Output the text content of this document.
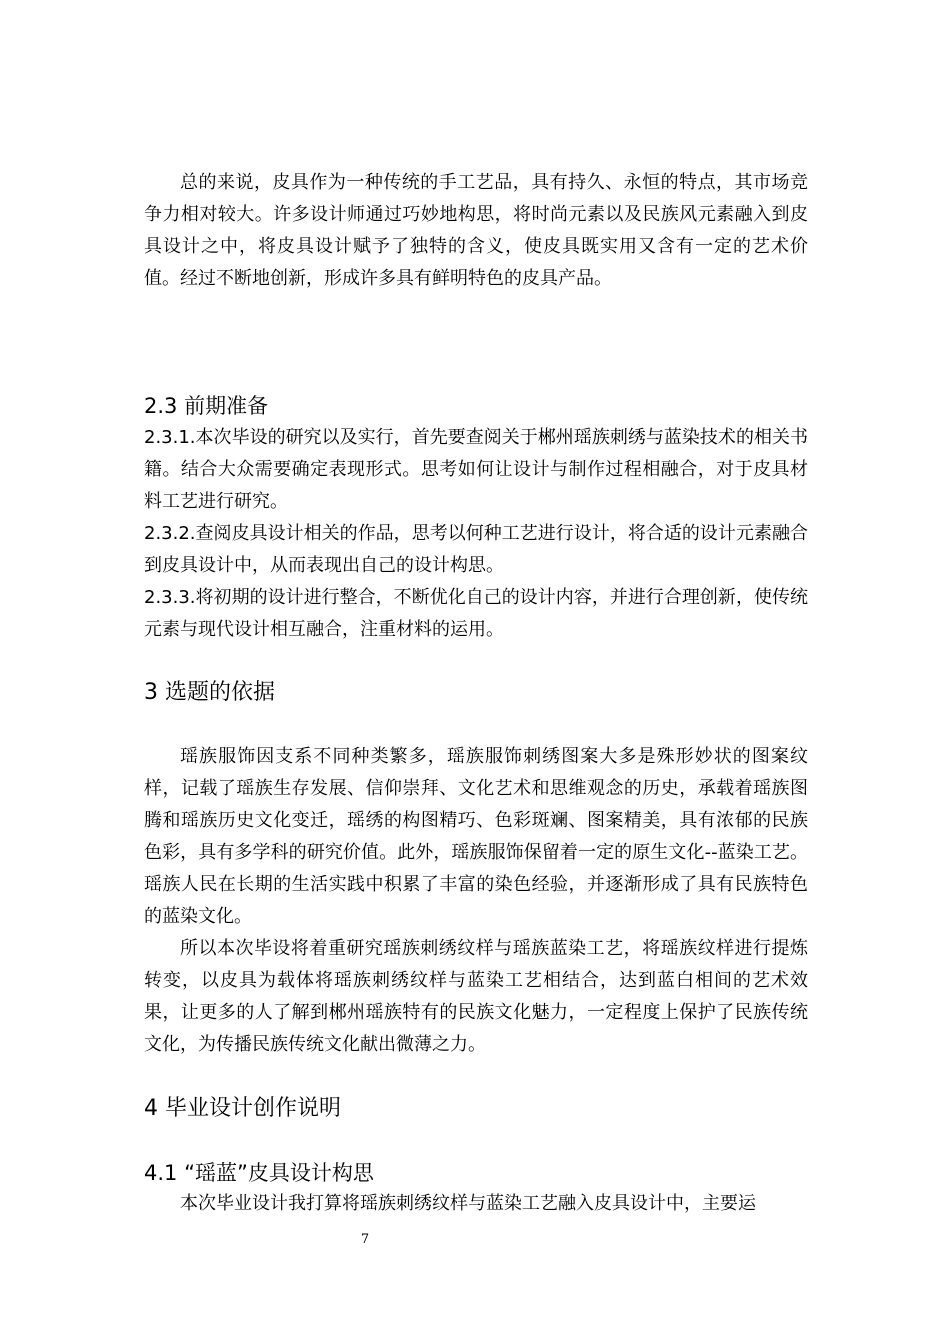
总的来说，皮具作为一种传统的手工艺品，具有持久、永恒的特点，其市场竞争力相对较大。许多设计师通过巧妙地构思，将时尚元素以及民族风元素融入到皮具设计之中，将皮具设计赋予了独特的含义，使皮具既实用又含有一定的艺术价值。经过不断地创新，形成许多具有鲜明特色的皮具产品。

2.3 前期准备

2.3.1.本次毕设的研究以及实行，首先要查阅关于郴州瑶族刺绣与蓝染技术的相关书籍。结合大众需要确定表现形式。思考如何让设计与制作过程相融合，对于皮具材料工艺进行研究。

2.3.2.查阅皮具设计相关的作品，思考以何种工艺进行设计，将合适的设计元素融合到皮具设计中，从而表现出自己的设计构思。

2.3.3.将初期的设计进行整合，不断优化自己的设计内容，并进行合理创新，使传统元素与现代设计相互融合，注重材料的运用。

3 选题的依据

瑶族服饰因支系不同种类繁多，瑶族服饰刺绣图案大多是殊形妙状的图案纹样，记载了瑶族生存发展、信仰崇拜、文化艺术和思维观念的历史，承载着瑶族图腾和瑶族历史文化变迁，瑶绣的构图精巧、色彩斑斓、图案精美，具有浓郁的民族色彩，具有多学科的研究价值。此外，瑶族服饰保留着一定的原生文化--蓝染工艺。瑶族人民在长期的生活实践中积累了丰富的染色经验，并逐渐形成了具有民族特色的蓝染文化。

所以本次毕设将着重研究瑶族刺绣纹样与瑶族蓝染工艺，将瑶族纹样进行提炼转变，以皮具为载体将瑶族刺绣纹样与蓝染工艺相结合，达到蓝白相间的艺术效果，让更多的人了解到郴州瑶族特有的民族文化魅力，一定程度上保护了民族传统文化，为传播民族传统文化献出微薄之力。

4 毕业设计创作说明
4.1 “瑶蓝”皮具设计构思

本次毕业设计我打算将瑶族刺绣纹样与蓝染工艺融入皮具设计中，主要运

7
